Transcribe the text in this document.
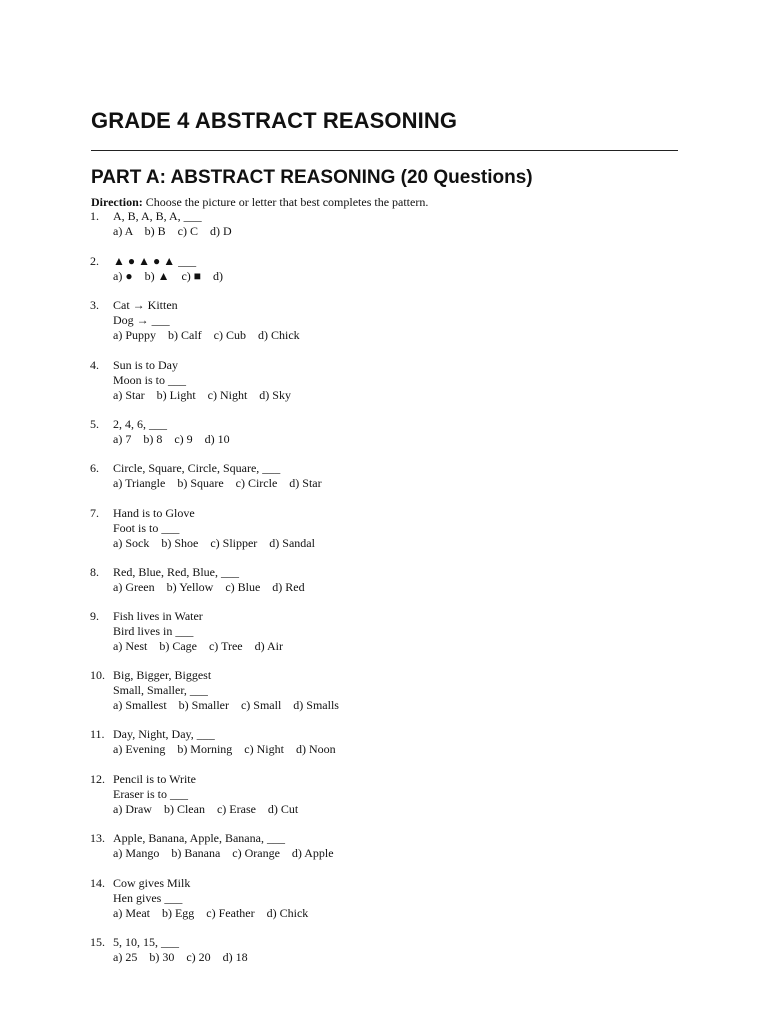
GRADE 4 ABSTRACT REASONING
PART A: ABSTRACT REASONING (20 Questions)
Direction: Choose the picture or letter that best completes the pattern.
1. A, B, A, B, A, ___
a) A    b) B    c) C    d) D
2. ▲ ● ▲ ● ▲ ___
a) ●    b) ▲    c) ■    d)
3. Cat → Kitten
Dog → ___
a) Puppy    b) Calf    c) Cub    d) Chick
4. Sun is to Day
Moon is to ___
a) Star    b) Light    c) Night    d) Sky
5. 2, 4, 6, ___
a) 7    b) 8    c) 9    d) 10
6. Circle, Square, Circle, Square, ___
a) Triangle    b) Square    c) Circle    d) Star
7. Hand is to Glove
Foot is to ___
a) Sock    b) Shoe    c) Slipper    d) Sandal
8. Red, Blue, Red, Blue, ___
a) Green    b) Yellow    c) Blue    d) Red
9. Fish lives in Water
Bird lives in ___
a) Nest    b) Cage    c) Tree    d) Air
10. Big, Bigger, Biggest
Small, Smaller, ___
a) Smallest    b) Smaller    c) Small    d) Smalls
11. Day, Night, Day, ___
a) Evening    b) Morning    c) Night    d) Noon
12. Pencil is to Write
Eraser is to ___
a) Draw    b) Clean    c) Erase    d) Cut
13. Apple, Banana, Apple, Banana, ___
a) Mango    b) Banana    c) Orange    d) Apple
14. Cow gives Milk
Hen gives ___
a) Meat    b) Egg    c) Feather    d) Chick
15. 5, 10, 15, ___
a) 25    b) 30    c) 20    d) 18
